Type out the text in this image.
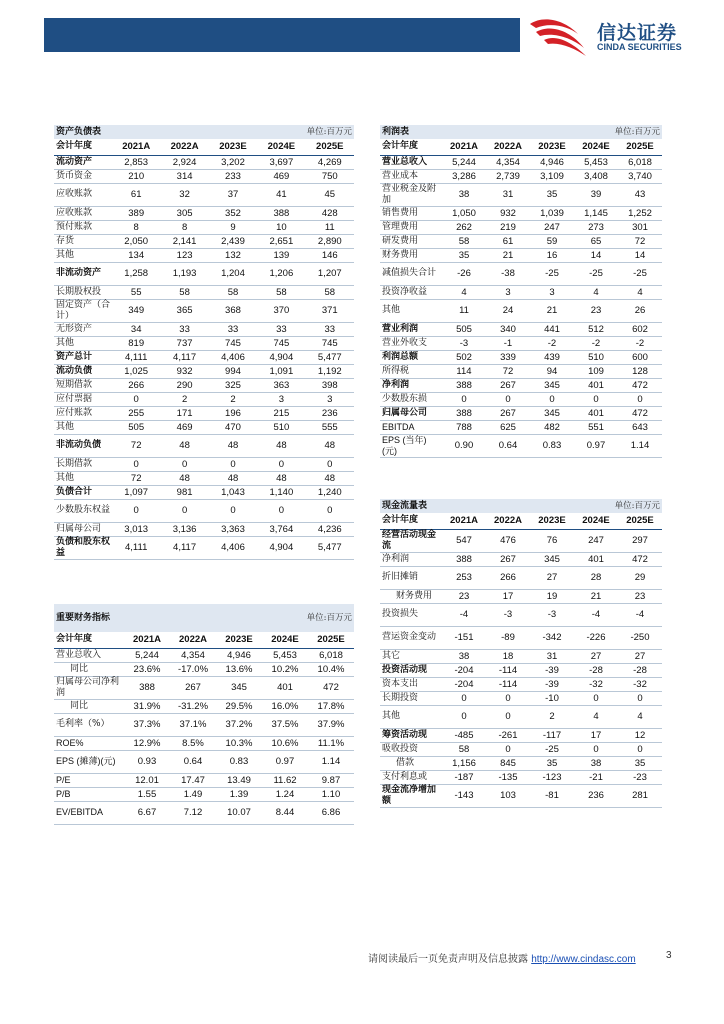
信达证券
CINDA SECURITIES
资产负债表			单位:百万元		
会计年度	2021A	2022A	2023E	2024E	2025E
流动资产	2,853	2,924	3,202	3,697	4,269
货币资金	210	314	233	469	750
应收账款	61	32	37	41	45
应收账款	389	305	352	388	428
预付账款	8	8	9	10	11
存货	2,050	2,141	2,439	2,651	2,890
其他	134	123	132	139	146
非流动资产	1,258	1,193	1,204	1,206	1,207
长期股权投	55	58	58	58	58
固定资产（合计）	349	365	368	370	371
无形资产	34	33	33	33	33
其他	819	737	745	745	745
资产总计	4,111	4,117	4,406	4,904	5,477
流动负债	1,025	932	994	1,091	1,192
短期借款	266	290	325	363	398
应付票据	0	2	2	3	3
应付账款	255	171	196	215	236
其他	505	469	470	510	555
非流动负债	72	48	48	48	48
长期借款	0	0	0	0	0
其他	72	48	48	48	48
负债合计	1,097	981	1,043	1,140	1,240
少数股东权益	0	0	0	0	0
归属母公司	3,013	3,136	3,363	3,764	4,236
负债和股东权益	4,111	4,117	4,406	4,904	5,477
重要财务指标			单位:百万元		
会计年度	2021A	2022A	2023E	2024E	2025E
营业总收入	5,244	4,354	4,946	5,453	6,018
同比	23.6%	-17.0%	13.6%	10.2%	10.4%
归属母公司净利润	388	267	345	401	472
同比	31.9%	-31.2%	29.5%	16.0%	17.8%
毛利率（%）	37.3%	37.1%	37.2%	37.5%	37.9%
ROE%	12.9%	8.5%	10.3%	10.6%	11.1%
EPS (摊薄)(元)	0.93	0.64	0.83	0.97	1.14
P/E	12.01	17.47	13.49	11.62	9.87
P/B	1.55	1.49	1.39	1.24	1.10
EV/EBITDA	6.67	7.12	10.07	8.44	6.86
利润表			单位:百万元		
会计年度	2021A	2022A	2023E	2024E	2025E
营业总收入	5,244	4,354	4,946	5,453	6,018
营业成本	3,286	2,739	3,109	3,408	3,740
营业税金及附加	38	31	35	39	43
销售费用	1,050	932	1,039	1,145	1,252
管理费用	262	219	247	273	301
研发费用	58	61	59	65	72
财务费用	35	21	16	14	14
减值损失合计	-26	-38	-25	-25	-25
投资净收益	4	3	3	4	4
其他	11	24	21	23	26
营业利润	505	340	441	512	602
营业外收支	-3	-1	-2	-2	-2
利润总额	502	339	439	510	600
所得税	114	72	94	109	128
净利润	388	267	345	401	472
少数股东损	0	0	0	0	0
归属母公司	388	267	345	401	472
EBITDA	788	625	482	551	643
EPS (当年)(元)	0.90	0.64	0.83	0.97	1.14
现金流量表			单位:百万元		
会计年度	2021A	2022A	2023E	2024E	2025E
经营活动现金流	547	476	76	247	297
净利润	388	267	345	401	472
折旧摊销	253	266	27	28	29
财务费用	23	17	19	21	23
投资损失	-4	-3	-3	-4	-4
营运资金变动	-151	-89	-342	-226	-250
其它	38	18	31	27	27
投资活动现	-204	-114	-39	-28	-28
资本支出	-204	-114	-39	-32	-32
长期投资	0	0	-10	0	0
其他	0	0	2	4	4
筹资活动现	-485	-261	-117	17	12
吸收投资	58	0	-25	0	0
借款	1,156	845	35	38	35
支付利息或	-187	-135	-123	-21	-23
现金流净增加额	-143	103	-81	236	281
请阅读最后一页免责声明及信息披露 http://www.cindasc.com	3
